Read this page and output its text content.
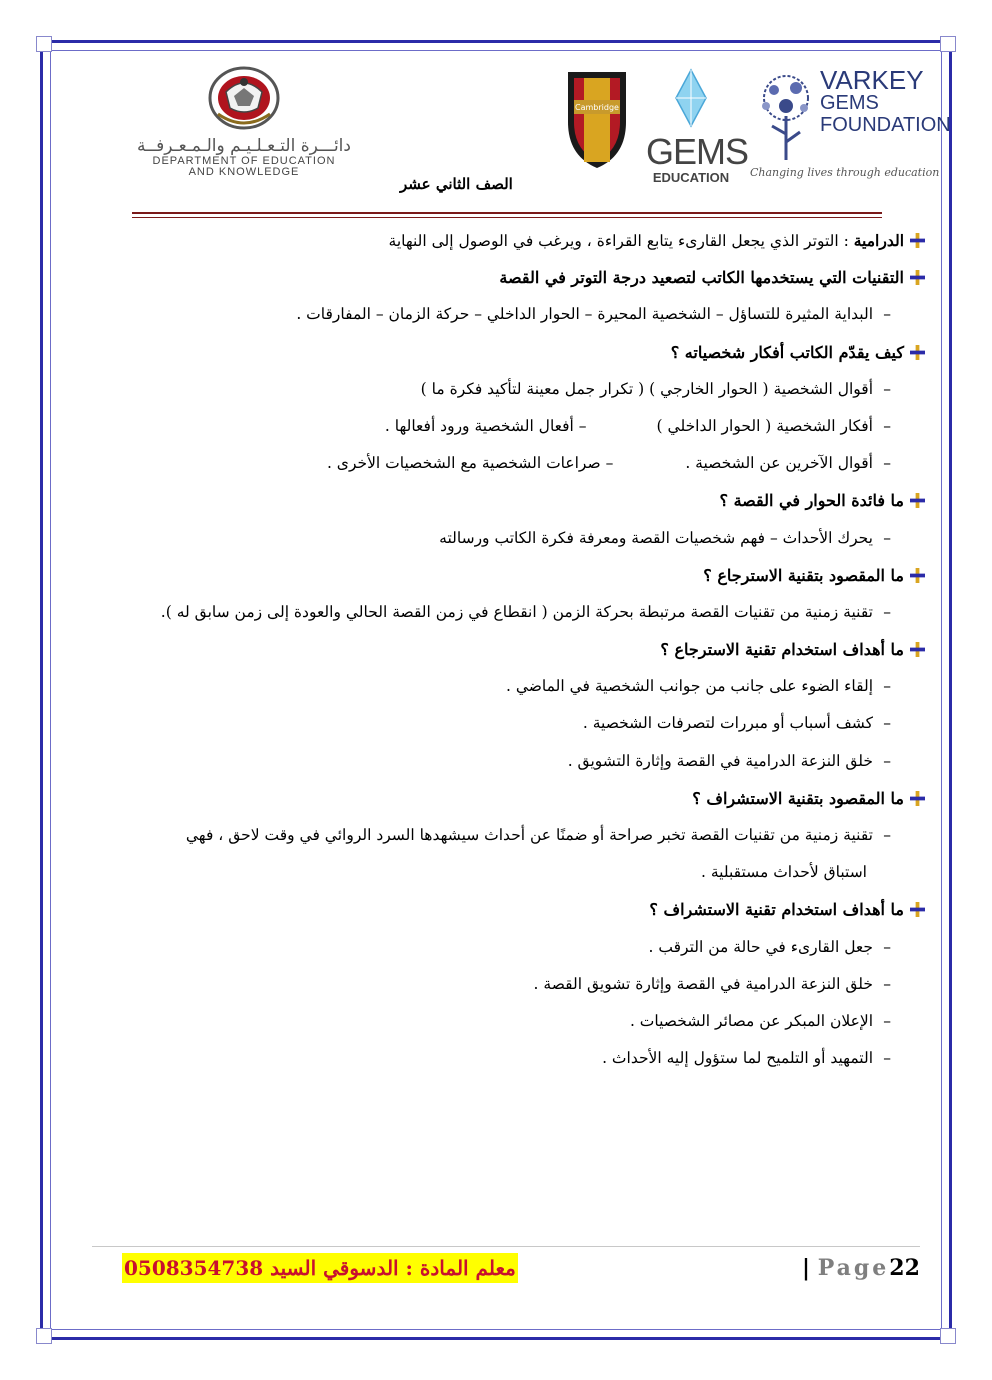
دائـــرة التـعـلـيـم والـمـعـرفــة
DEPARTMENT OF EDUCATION
AND KNOWLEDGE
Cambridge
GEMS
EDUCATION
VARKEY
GEMS
FOUNDATION
Changing lives through education
الصف الثاني عشر
الدرامية : التوتر الذي يجعل القارىء يتابع القراءة ، ويرغب في الوصول إلى النهاية
التقنيات التي يستخدمها الكاتب لتصعيد درجة التوتر في القصة
–
البداية المثيرة للتساؤل – الشخصية المحيرة – الحوار الداخلي – حركة الزمان – المفارقات .
كيف يقدّم الكاتب أفكار شخصياته ؟
–
أقوال الشخصية ( الحوار الخارجي ) ( تكرار جمل معينة لتأكيد فكرة ما )
–
أفكار الشخصية ( الحوار الداخلي )– أفعال الشخصية ورود أفعالها .
–
أقوال الآخرين عن الشخصية .– صراعات الشخصية مع الشخصيات الأخرى .
ما فائدة الحوار في القصة ؟
–
يحرك الأحداث – فهم شخصيات القصة ومعرفة فكرة الكاتب ورسالته
ما المقصود بتقنية الاسترجاع ؟
–
تقنية زمنية من تقنيات القصة مرتبطة بحركة الزمن ( انقطاع في زمن القصة الحالي والعودة إلى زمن سابق له ).
ما أهداف استخدام تقنية الاسترجاع ؟
–
إلقاء الضوء على جانب من جوانب الشخصية في الماضي .
–
كشف أسباب أو مبررات لتصرفات الشخصية .
–
خلق النزعة الدرامية في القصة وإثارة التشويق .
ما المقصود بتقنية الاستشراف ؟
–
تقنية زمنية من تقنيات القصة تخبر صراحة أو ضمنًا عن أحداث سيشهدها السرد الروائي في وقت لاحق ، فهي
استباق لأحداث مستقبلية .
ما أهداف استخدام تقنية الاستشراف ؟
–
جعل القارىء في حالة من الترقب .
–
خلق النزعة الدرامية في القصة وإثارة تشويق القصة .
–
الإعلان المبكر عن مصائر الشخصيات .
–
التمهيد أو التلميح لما ستؤول إليه الأحداث .
معلم المادة : الدسوقي السيد 0508354738	| Page22
